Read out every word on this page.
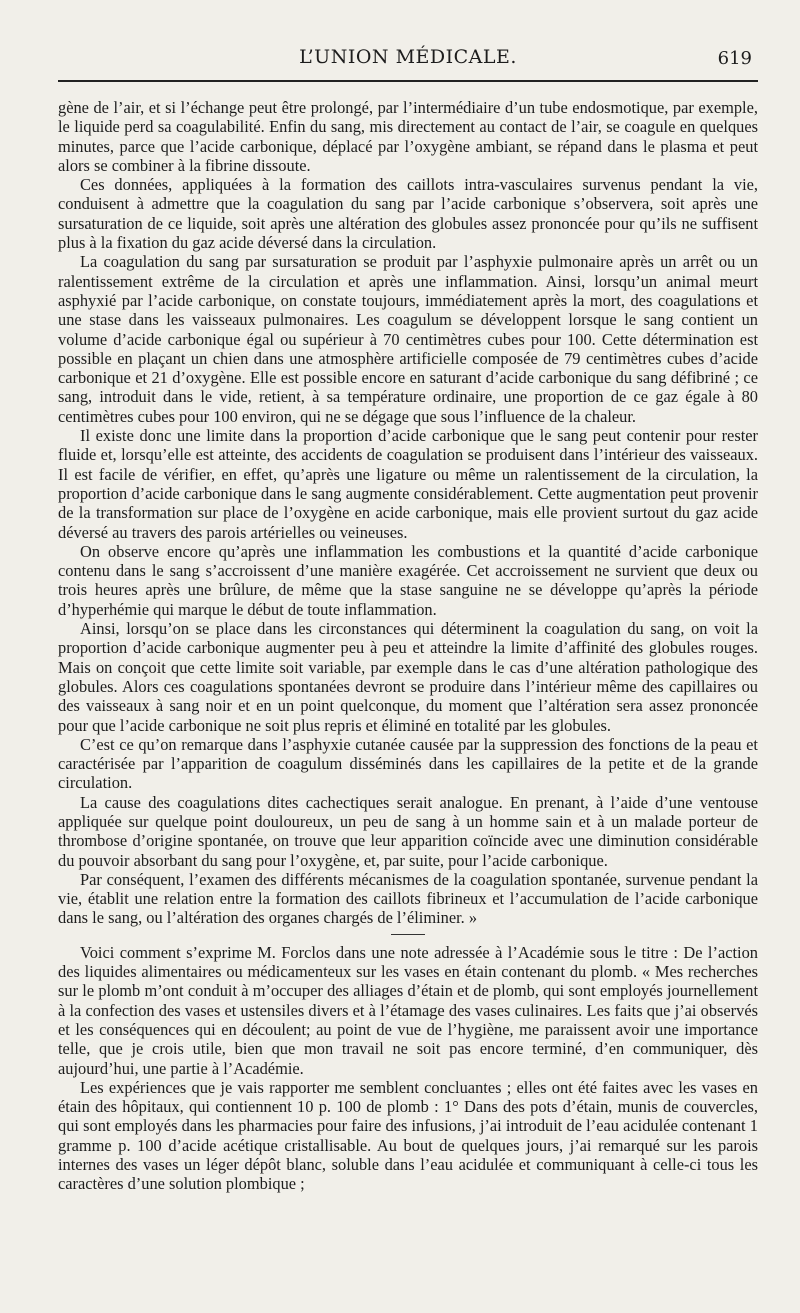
L’UNION MÉDICALE.	619

gène de l’air, et si l’échange peut être prolongé, par l’intermédiaire d’un tube endosmotique, par exemple, le liquide perd sa coagulabilité. Enfin du sang, mis directement au contact de l’air, se coagule en quelques minutes, parce que l’acide carbonique, déplacé par l’oxygène ambiant, se répand dans le plasma et peut alors se combiner à la fibrine dissoute.

Ces données, appliquées à la formation des caillots intra-vasculaires survenus pendant la vie, conduisent à admettre que la coagulation du sang par l’acide carbonique s’observera, soit après une sursaturation de ce liquide, soit après une altération des globules assez prononcée pour qu’ils ne suffisent plus à la fixation du gaz acide déversé dans la circulation.

La coagulation du sang par sursaturation se produit par l’asphyxie pulmonaire après un arrêt ou un ralentissement extrême de la circulation et après une inflammation. Ainsi, lorsqu’un animal meurt asphyxié par l’acide carbonique, on constate toujours, immédiatement après la mort, des coagulations et une stase dans les vaisseaux pulmonaires. Les coagulum se développent lorsque le sang contient un volume d’acide carbonique égal ou supérieur à 70 centimètres cubes pour 100. Cette détermination est possible en plaçant un chien dans une atmosphère artificielle composée de 79 centimètres cubes d’acide carbonique et 21 d’oxygène. Elle est possible encore en saturant d’acide carbonique du sang défibriné ; ce sang, introduit dans le vide, retient, à sa température ordinaire, une proportion de ce gaz égale à 80 centimètres cubes pour 100 environ, qui ne se dégage que sous l’influence de la chaleur.

Il existe donc une limite dans la proportion d’acide carbonique que le sang peut contenir pour rester fluide et, lorsqu’elle est atteinte, des accidents de coagulation se produisent dans l’intérieur des vaisseaux. Il est facile de vérifier, en effet, qu’après une ligature ou même un ralentissement de la circulation, la proportion d’acide carbonique dans le sang augmente considérablement. Cette augmentation peut provenir de la transformation sur place de l’oxygène en acide carbonique, mais elle provient surtout du gaz acide déversé au travers des parois artérielles ou veineuses.

On observe encore qu’après une inflammation les combustions et la quantité d’acide carbonique contenu dans le sang s’accroissent d’une manière exagérée. Cet accroissement ne survient que deux ou trois heures après une brûlure, de même que la stase sanguine ne se développe qu’après la période d’hyperhémie qui marque le début de toute inflammation.

Ainsi, lorsqu’on se place dans les circonstances qui déterminent la coagulation du sang, on voit la proportion d’acide carbonique augmenter peu à peu et atteindre la limite d’affinité des globules rouges. Mais on conçoit que cette limite soit variable, par exemple dans le cas d’une altération pathologique des globules. Alors ces coagulations spontanées devront se produire dans l’intérieur même des capillaires ou des vaisseaux à sang noir et en un point quelconque, du moment que l’altération sera assez prononcée pour que l’acide carbonique ne soit plus repris et éliminé en totalité par les globules.

C’est ce qu’on remarque dans l’asphyxie cutanée causée par la suppression des fonctions de la peau et caractérisée par l’apparition de coagulum disséminés dans les capillaires de la petite et de la grande circulation.

La cause des coagulations dites cachectiques serait analogue. En prenant, à l’aide d’une ventouse appliquée sur quelque point douloureux, un peu de sang à un homme sain et à un malade porteur de thrombose d’origine spontanée, on trouve que leur apparition coïncide avec une diminution considérable du pouvoir absorbant du sang pour l’oxygène, et, par suite, pour l’acide carbonique.

Par conséquent, l’examen des différents mécanismes de la coagulation spontanée, survenue pendant la vie, établit une relation entre la formation des caillots fibrineux et l’accumulation de l’acide carbonique dans le sang, ou l’altération des organes chargés de l’éliminer. »

Voici comment s’exprime M. Forclos dans une note adressée à l’Académie sous le titre : De l’action des liquides alimentaires ou médicamenteux sur les vases en étain contenant du plomb. « Mes recherches sur le plomb m’ont conduit à m’occuper des alliages d’étain et de plomb, qui sont employés journellement à la confection des vases et ustensiles divers et à l’étamage des vases culinaires. Les faits que j’ai observés et les conséquences qui en découlent; au point de vue de l’hygiène, me paraissent avoir une importance telle, que je crois utile, bien que mon travail ne soit pas encore terminé, d’en communiquer, dès aujourd’hui, une partie à l’Académie.

Les expériences que je vais rapporter me semblent concluantes ; elles ont été faites avec les vases en étain des hôpitaux, qui contiennent 10 p. 100 de plomb : 1° Dans des pots d’étain, munis de couvercles, qui sont employés dans les pharmacies pour faire des infusions, j’ai introduit de l’eau acidulée contenant 1 gramme p. 100 d’acide acétique cristallisable. Au bout de quelques jours, j’ai remarqué sur les parois internes des vases un léger dépôt blanc, soluble dans l’eau acidulée et communiquant à celle-ci tous les caractères d’une solution plombique ;
